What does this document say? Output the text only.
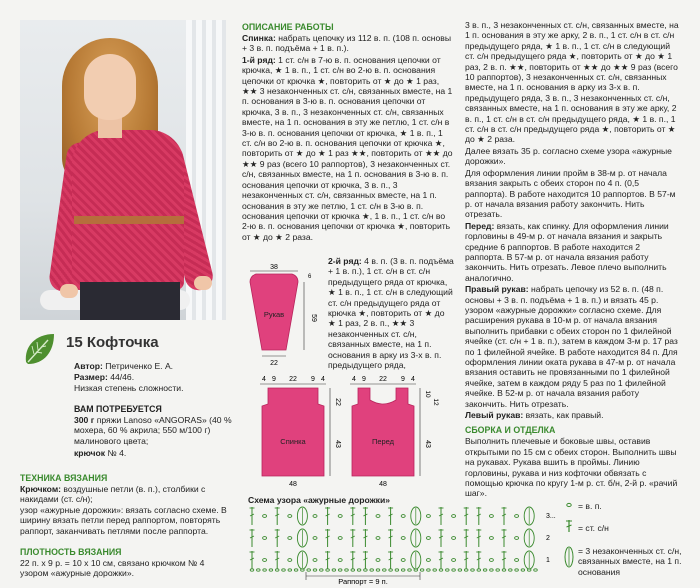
15 Кофточка
Автор: Петриченко Е. А.
Размер: 44/46.
Низкая степень сложности.
ВАМ ПОТРЕБУЕТСЯ
300 г пряжи Lanoso «ANGORAS» (40 % мохера, 60 % акрила; 550 м/100 г) малинового цвета;
крючок № 4.
ТЕХНИКА ВЯЗАНИЯ
Крючком: воздушные петли (в. п.), столбики с накидами (ст. с/н);
узор «ажурные дорожки»: вязать согласно схеме. В ширину вязать петли перед раппортом, повторять раппорт, заканчивать петлями после раппорта.
ПЛОТНОСТЬ ВЯЗАНИЯ
22 п. x 9 р. = 10 x 10 см, связано крючком № 4 узором «ажурные дорожки».
ОПИСАНИЕ РАБОТЫ

Спинка: набрать цепочку из 112 в. п. (108 п. основы + 3 в. п. подъёма + 1 в. п.).

1-й ряд: 1 ст. с/н в 7-ю в. п. основания цепочки от крючка, ★ 1 в. п., 1 ст. с/н во 2-ю в. п. основания цепочки от крючка ★, повторить от ★ до ★ 1 раз, ★★ 3 незаконченных ст. с/н, связанных вместе, на 1 п. основания в 3-ю в. п. основания цепочки от крючка, 3 в. п., 3 незаконченных ст. с/н, связанных вместе, на 1 п. основания в эту же петлю, 1 ст. с/н в 3-ю в. п. основания цепочки от крючка, ★ 1 в. п., 1 ст. с/н во 2-ю в. п. основания цепочки от крючка ★, повторить от ★ до ★ 1 раз ★★, повторить от ★★ до ★★ 9 раз (всего 10 раппортов), 3 незаконченных ст. с/н, связанных вместе, на 1 п. основания в 3-ю в. п. основания цепочки от крючка, 3 в. п., 3 незаконченных ст. с/н, связанных вместе, на 1 п. основания в эту же петлю, 1 ст. с/н в 3-ю в. п. основания цепочки от крючка ★, 1 в. п., 1 ст. с/н во 2-ю в. п. основания цепочки от крючка ★, повторить от ★ до ★ 2 раза.

2-й ряд: 4 в. п. (3 в. п. подъёма + 1 в. п.), 1 ст. с/н в ст. с/н предыдущего ряда от крючка, ★ 1 в. п., 1 ст. с/н в следующий ст. с/н предыдущего ряда от крючка ★, повторить от ★ до ★ 1 раз, 2 в. п., ★★ 3 незаконченных ст. с/н, связанных вместе, на 1 п. основания в арку из 3-х в. п. предыдущего ряда,
38
Рукав	59
6
22
4 9 22 9 4
Спинка
22
43
48
4 9 22 9 4
Перед
10
12
43
48
Схема узора «ажурные дорожки»
3...
2
1
Раппорт = 9 п.
= в. п.
= ст. с/н
= 3 незаконченных ст. с/н, связанных вместе, на 1 п. основания

3 в. п., 3 незаконченных ст. с/н, связанных вместе, на 1 п. основания в эту же арку, 2 в. п., 1 ст. с/н в ст. с/н предыдущего ряда, ★ 1 в. п., 1 ст. с/н в следующий ст. с/н предыдущего ряда ★, повторить от ★ до ★ 1 раз, 2 в. п. ★★, повторить от ★★ до ★★ 9 раз (всего 10 раппортов), 3 незаконченных ст. с/н, связанных вместе, на 1 п. основания в арку из 3-х в. п. предыдущего ряда, 3 в. п., 3 незаконченных ст. с/н, связанных вместе, на 1 п. основания в эту же арку, 2 в. п., 1 ст. с/н в ст. с/н предыдущего ряда, ★ 1 в. п., 1 ст. с/н в ст. с/н предыдущего ряда ★, повторить от ★ до ★ 2 раза.

Далее вязать 35 р. согласно схеме узора «ажурные дорожки».

Для оформления линии пройм в 38-м р. от начала вязания закрыть с обеих сторон по 4 п. (0,5 раппорта). В работе находится 10 раппортов. В 57-м р. от начала вязания работу закончить. Нить отрезать.

Перед: вязать, как спинку. Для оформления линии горловины в 49-м р. от начала вязания и закрыть средние 6 раппортов. В работе находится 2 раппорта. В 57-м р. от начала вязания работу закончить. Нить отрезать. Левое плечо выполнить аналогично.

Правый рукав: набрать цепочку из 52 в. п. (48 п. основы + 3 в. п. подъёма + 1 в. п.) и вязать 45 р. узором «ажурные дорожки» согласно схеме. Для расширения рукава в 10-м р. от начала вязания выполнить прибавки с обеих сторон по 1 филейной ячейке (ст. с/н + 1 в. п.), затем в каждом 3-м р. 17 раз по 1 филейной ячейке. В работе находится 84 п. Для оформления линии оката рукава в 47-м р. от начала вязания оставить не провязанными по 1 филейной ячейке, затем в каждом ряду 5 раз по 1 филейной ячейке. В 52-м р. от начала вязания работу закончить. Нить отрезать.

Левый рукав: вязать, как правый.

СБОРКА И ОТДЕЛКА

Выполнить плечевые и боковые швы, оставив открытыми по 15 см с обеих сторон. Выполнить швы на рукавах. Рукава вшить в проймы. Линию горловины, рукава и низ кофточки обвязать с помощью крючка по кругу 1-м р. ст. б/н, 2-й р. «рачий шаг».
